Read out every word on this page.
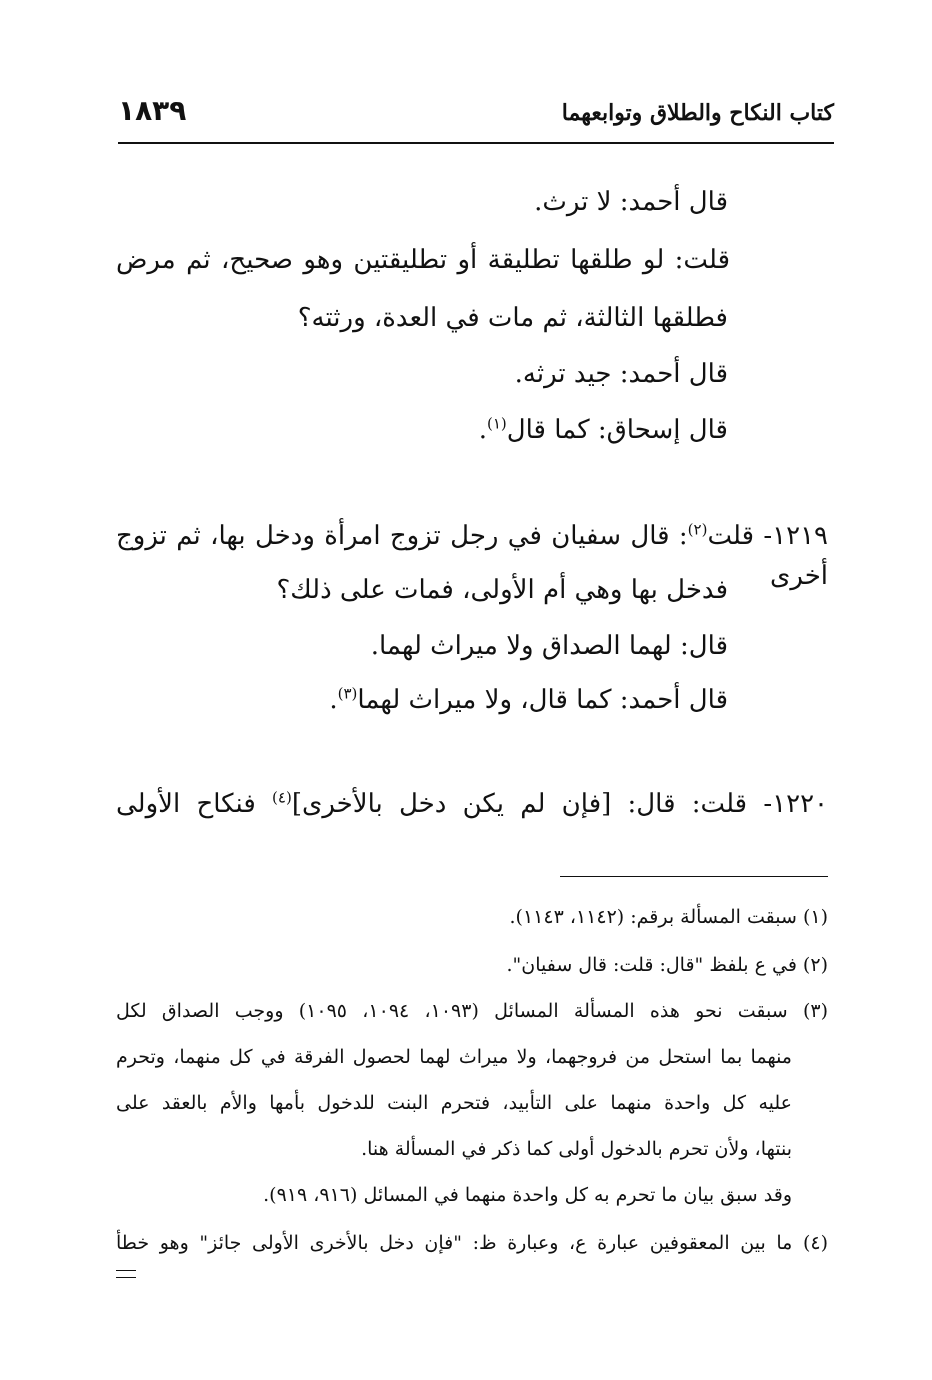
١٨٣٩	كتاب النكاح والطلاق وتوابعهما
قال أحمد: لا ترث.
قلت: لو طلقها تطليقة أو تطليقتين وهو صحيح، ثم مرض
فطلقها الثالثة، ثم مات في العدة، ورثته؟
قال أحمد: جيد ترثه.
قال إسحاق: كما قال$^{(١)}$.
١٢١٩- قلت$^{(٢)}$: قال سفيان في رجل تزوج امرأة ودخل بها، ثم تزوج أخرى
فدخل بها وهي أم الأولى، فمات على ذلك؟
قال: لهما الصداق ولا ميراث لهما.
قال أحمد: كما قال، ولا ميراث لهما$^{(٣)}$.
١٢٢٠- قلت: قال: [فإن لم يكن دخل بالأخرى]$^{(٤)}$ فنكاح الأولى
(١) سبقت المسألة برقم: (١١٤٢، ١١٤٣).
(٢) في ع بلفظ "قال: قلت: قال سفيان".
(٣) سبقت نحو هذه المسألة المسائل (١٠٩٣، ١٠٩٤، ١٠٩٥) ووجب الصداق لكل
منهما بما استحل من فروجهما، ولا ميراث لهما لحصول الفرقة في كل منهما، وتحرم
عليه كل واحدة منهما على التأبيد، فتحرم البنت للدخول بأمها والأم بالعقد على
بنتها، ولأن تحرم بالدخول أولى كما ذكر في المسألة هنا.
وقد سبق بيان ما تحرم به كل واحدة منهما في المسائل (٩١٦، ٩١٩).
(٤) ما بين المعقوفين عبارة ع، وعبارة ظ: "فإن دخل بالأخرى الأولى جائز" وهو خطأ
